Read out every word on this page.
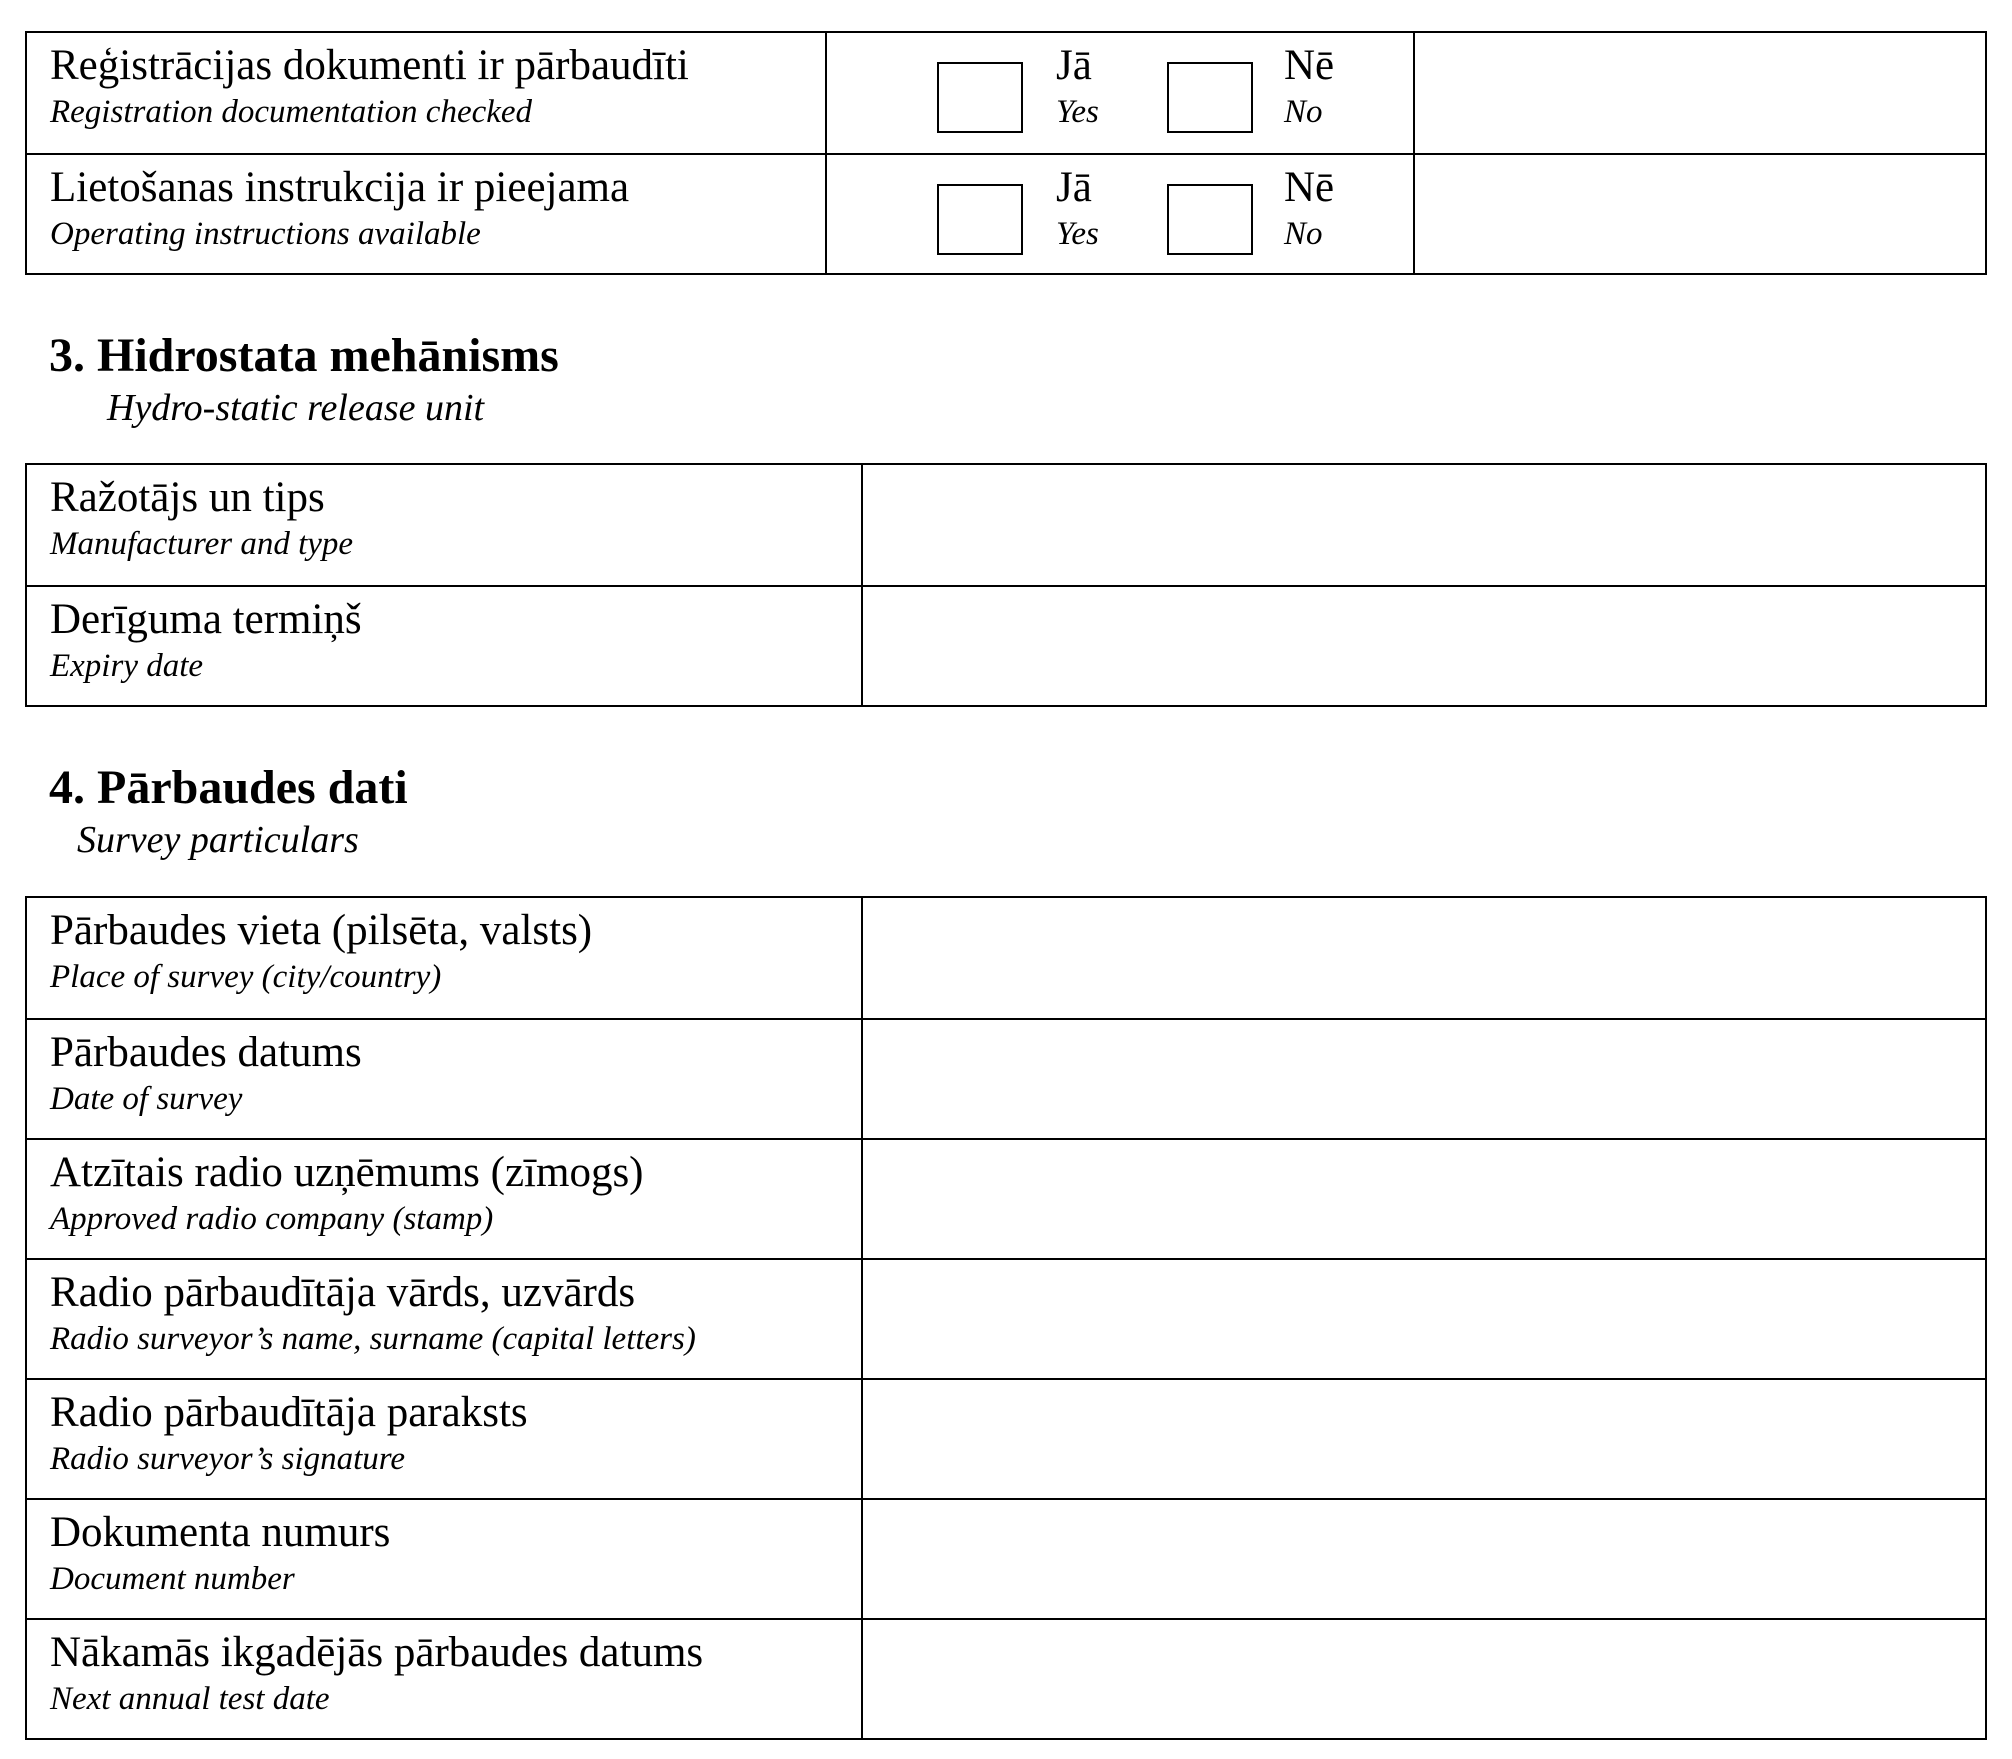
Reģistrācijas dokumenti ir pārbaudīti
Registration documentation checked
Jā
Yes
Nē
No
Lietošanas instrukcija ir pieejama
Operating instructions available
Jā
Yes
Nē
No
3. Hidrostata mehānisms
Hydro-static release unit
Ražotājs un tips
Manufacturer and type
Derīguma termiņš
Expiry date
4. Pārbaudes dati
Survey particulars
Pārbaudes vieta (pilsēta, valsts)
Place of survey (city/country)
Pārbaudes datums
Date of survey
Atzītais radio uzņēmums (zīmogs)
Approved radio company (stamp)
Radio pārbaudītāja vārds, uzvārds
Radio surveyor’s name, surname (capital letters)
Radio pārbaudītāja paraksts
Radio surveyor’s signature
Dokumenta numurs
Document number
Nākamās ikgadējās pārbaudes datums
Next annual test date
